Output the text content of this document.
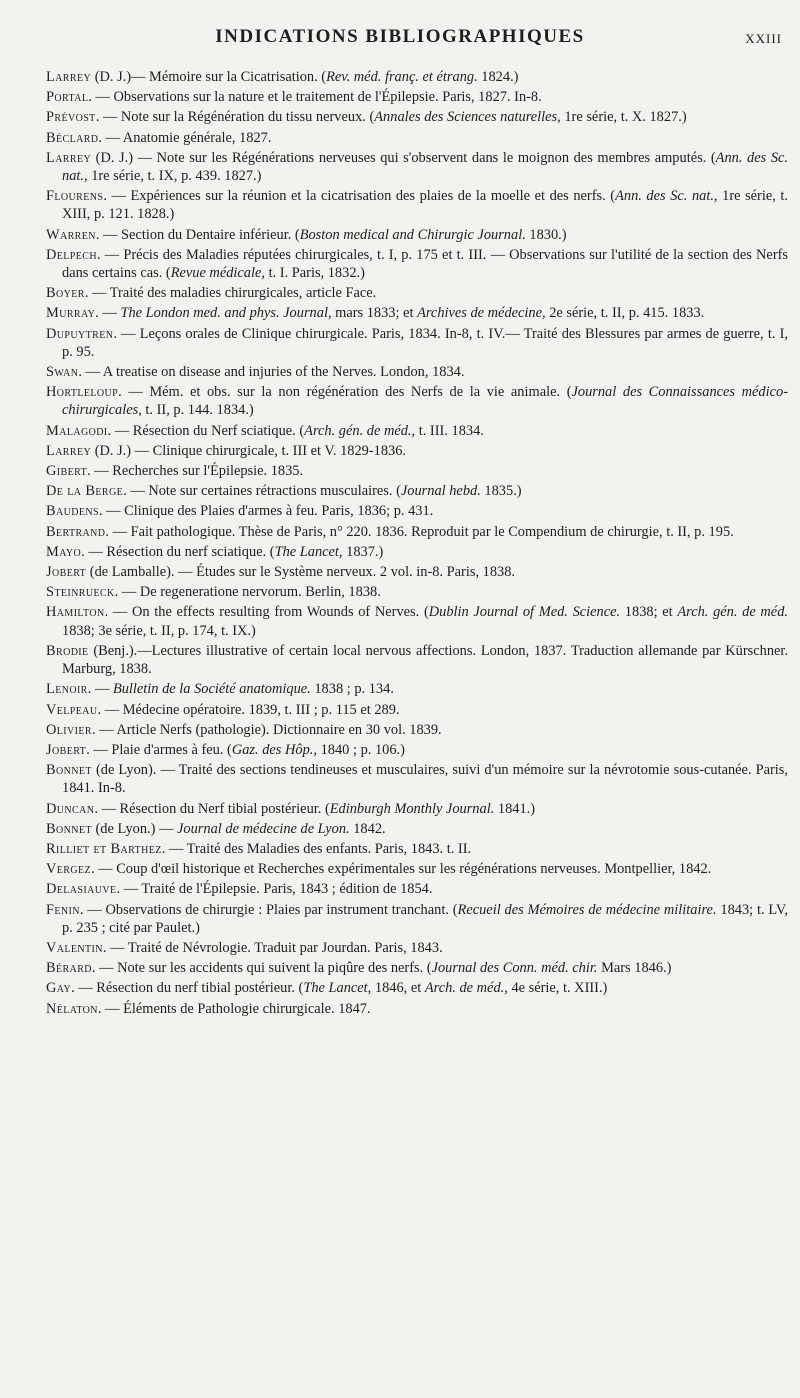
INDICATIONS BIBLIOGRAPHIQUES	XXIII

Larrey (D. J.)— Mémoire sur la Cicatrisation. (Rev. méd. franç. et étrang. 1824.)

Portal. — Observations sur la nature et le traitement de l'Épilepsie. Paris, 1827. In-8.

Prévost. — Note sur la Régénération du tissu nerveux. (Annales des Sciences naturelles, 1re série, t. X. 1827.)

Béclard. — Anatomie générale, 1827.

Larrey (D. J.) — Note sur les Régénérations nerveuses qui s'observent dans le moignon des membres amputés. (Ann. des Sc. nat., 1re série, t. IX, p. 439. 1827.)

Flourens. — Expériences sur la réunion et la cicatrisation des plaies de la moelle et des nerfs. (Ann. des Sc. nat., 1re série, t. XIII, p. 121. 1828.)

Warren. — Section du Dentaire inférieur. (Boston medical and Chirurgic Journal. 1830.)

Delpech. — Précis des Maladies réputées chirurgicales, t. I, p. 175 et t. III. — Observations sur l'utilité de la section des Nerfs dans certains cas. (Revue médicale, t. I. Paris, 1832.)

Boyer. — Traité des maladies chirurgicales, article Face.

Murray. — The London med. and phys. Journal, mars 1833; et Archives de médecine, 2e série, t. II, p. 415. 1833.

Dupuytren. — Leçons orales de Clinique chirurgicale. Paris, 1834. In-8, t. IV.— Traité des Blessures par armes de guerre, t. I, p. 95.

Swan. — A treatise on disease and injuries of the Nerves. London, 1834.

Hortleloup. — Mém. et obs. sur la non régénération des Nerfs de la vie animale. (Journal des Connaissances médico-chirurgicales, t. II, p. 144. 1834.)

Malagodi. — Résection du Nerf sciatique. (Arch. gén. de méd., t. III. 1834.

Larrey (D. J.) — Clinique chirurgicale, t. III et V. 1829-1836.

Gibert. — Recherches sur l'Épilepsie. 1835.

De la Berge. — Note sur certaines rétractions musculaires. (Journal hebd. 1835.)

Baudens. — Clinique des Plaies d'armes à feu. Paris, 1836; p. 431.

Bertrand. — Fait pathologique. Thèse de Paris, n° 220. 1836. Reproduit par le Compendium de chirurgie, t. II, p. 195.

Mayo. — Résection du nerf sciatique. (The Lancet, 1837.)

Jobert (de Lamballe). — Études sur le Système nerveux. 2 vol. in-8. Paris, 1838.

Steinrueck. — De regeneratione nervorum. Berlin, 1838.

Hamilton. — On the effects resulting from Wounds of Nerves. (Dublin Journal of Med. Science. 1838; et Arch. gén. de méd. 1838; 3e série, t. II, p. 174, t. IX.)

Brodie (Benj.).—Lectures illustrative of certain local nervous affections. London, 1837. Traduction allemande par Kürschner. Marburg, 1838.

Lenoir. — Bulletin de la Société anatomique. 1838 ; p. 134.

Velpeau. — Médecine opératoire. 1839, t. III ; p. 115 et 289.

Olivier. — Article Nerfs (pathologie). Dictionnaire en 30 vol. 1839.

Jobert. — Plaie d'armes à feu. (Gaz. des Hôp., 1840 ; p. 106.)

Bonnet (de Lyon). — Traité des sections tendineuses et musculaires, suivi d'un mémoire sur la névrotomie sous-cutanée. Paris, 1841. In-8.

Duncan. — Résection du Nerf tibial postérieur. (Edinburgh Monthly Journal. 1841.)

Bonnet (de Lyon.) — Journal de médecine de Lyon. 1842.

Rilliet et Barthez. — Traité des Maladies des enfants. Paris, 1843. t. II.

Vergez. — Coup d'œil historique et Recherches expérimentales sur les régénérations nerveuses. Montpellier, 1842.

Delasiauve. — Traité de l'Épilepsie. Paris, 1843 ; édition de 1854.

Fenin. — Observations de chirurgie : Plaies par instrument tranchant. (Recueil des Mémoires de médecine militaire. 1843; t. LV, p. 235 ; cité par Paulet.)

Valentin. — Traité de Névrologie. Traduit par Jourdan. Paris, 1843.

Bérard. — Note sur les accidents qui suivent la piqûre des nerfs. (Journal des Conn. méd. chir. Mars 1846.)

Gay. — Résection du nerf tibial postérieur. (The Lancet, 1846, et Arch. de méd., 4e série, t. XIII.)

Nélaton. — Éléments de Pathologie chirurgicale. 1847.
